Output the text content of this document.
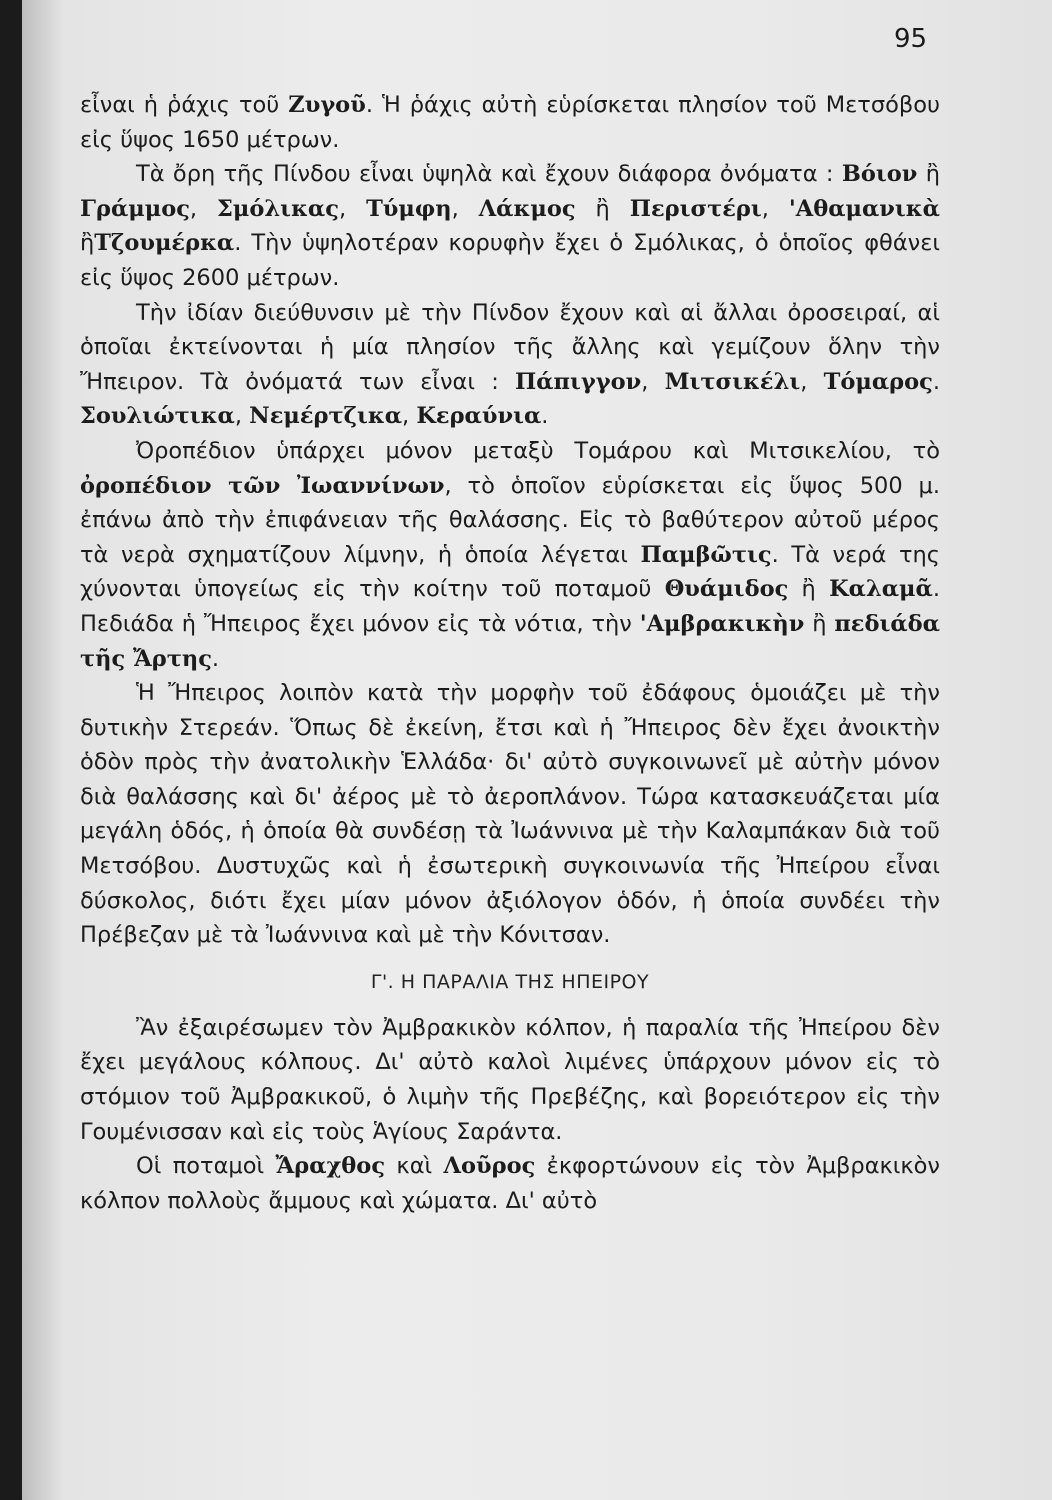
95

εἶναι ἡ ῥάχις τοῦ Ζυγοῦ. Ἡ ῥάχις αὐτὴ εὑρίσκεται πλησίον τοῦ Μετσόβου εἰς ὕψος 1650 μέτρων.

Τὰ ὄρη τῆς Πίνδου εἶναι ὑψηλὰ καὶ ἔχουν διάφορα ὀνόματα : Βόιον ἢ Γράμμος, Σμόλικας, Τύμφη, Λάκμος ἢ Περιστέρι, 'Αθαμανικὰ ἢΤζουμέρκα. Τὴν ὑψηλοτέραν κορυφὴν ἔχει ὁ Σμόλικας, ὁ ὁποῖος φθάνει εἰς ὕψος 2600 μέτρων.

Τὴν ἰδίαν διεύθυνσιν μὲ τὴν Πίνδον ἔχουν καὶ αἱ ἄλλαι ὀροσειραί, αἱ ὁποῖαι ἐκτείνονται ἡ μία πλησίον τῆς ἄλλης καὶ γεμίζουν ὅλην τὴν Ἤπειρον. Τὰ ὀνόματά των εἶναι : Πάπιγγον, Μιτσικέλι, Τόμαρος. Σουλιώτικα, Νεμέρτζικα, Κεραύνια.

Ὀροπέδιον ὑπάρχει μόνον μεταξὺ Τομάρου καὶ Μιτσικελίου, τὸ ὀροπέδιον τῶν Ἰωαννίνων, τὸ ὁποῖον εὑρίσκεται εἰς ὕψος 500 μ. ἐπάνω ἀπὸ τὴν ἐπιφάνειαν τῆς θαλάσσης. Εἰς τὸ βαθύτερον αὐτοῦ μέρος τὰ νερὰ σχηματίζουν λίμνην, ἡ ὁποία λέγεται Παμβῶτις. Τὰ νερά της χύνονται ὑπογείως εἰς τὴν κοίτην τοῦ ποταμοῦ Θυάμιδος ἢ Καλαμᾶ. Πεδιάδα ἡ Ἤπειρος ἔχει μόνον εἰς τὰ νότια, τὴν 'Αμβρακικὴν ἢ πεδιάδα τῆς Ἄρτης.

Ἡ Ἤπειρος λοιπὸν κατὰ τὴν μορφὴν τοῦ ἐδάφους ὁμοιάζει μὲ τὴν δυτικὴν Στερεάν. Ὅπως δὲ ἐκείνη, ἔτσι καὶ ἡ Ἤπειρος δὲν ἔχει ἀνοικτὴν ὁδὸν πρὸς τὴν ἀνατολικὴν Ἑλλάδα· δι' αὐτὸ συγκοινωνεῖ μὲ αὐτὴν μόνον διὰ θαλάσσης καὶ δι' ἀέρος μὲ τὸ ἀεροπλάνον. Τώρα κατασκευάζεται μία μεγάλη ὁδός, ἡ ὁποία θὰ συνδέσῃ τὰ Ἰωάννινα μὲ τὴν Καλαμπάκαν διὰ τοῦ Μετσόβου. Δυστυχῶς καὶ ἡ ἐσωτερικὴ συγκοινωνία τῆς Ἠπείρου εἶναι δύσκολος, διότι ἔχει μίαν μόνον ἀξιόλογον ὁδόν, ἡ ὁποία συνδέει τὴν Πρέβεζαν μὲ τὰ Ἰωάννινα καὶ μὲ τὴν Κόνιτσαν.

Γ'. Η ΠΑΡΑΛΙΑ ΤΗΣ ΗΠΕΙΡΟΥ

Ἂν ἐξαιρέσωμεν τὸν Ἀμβρακικὸν κόλπον, ἡ παραλία τῆς Ἠπείρου δὲν ἔχει μεγάλους κόλπους. Δι' αὐτὸ καλοὶ λιμένες ὑπάρχουν μόνον εἰς τὸ στόμιον τοῦ Ἀμβρακικοῦ, ὁ λιμὴν τῆς Πρεβέζης, καὶ βορειότερον εἰς τὴν Γουμένισσαν καὶ εἰς τοὺς Ἁγίους Σαράντα.

Οἱ ποταμοὶ Ἄραχθος καὶ Λοῦρος ἐκφορτώνουν εἰς τὸν Ἀμβρακικὸν κόλπον πολλοὺς ἄμμους καὶ χώματα. Δι' αὐτὸ
